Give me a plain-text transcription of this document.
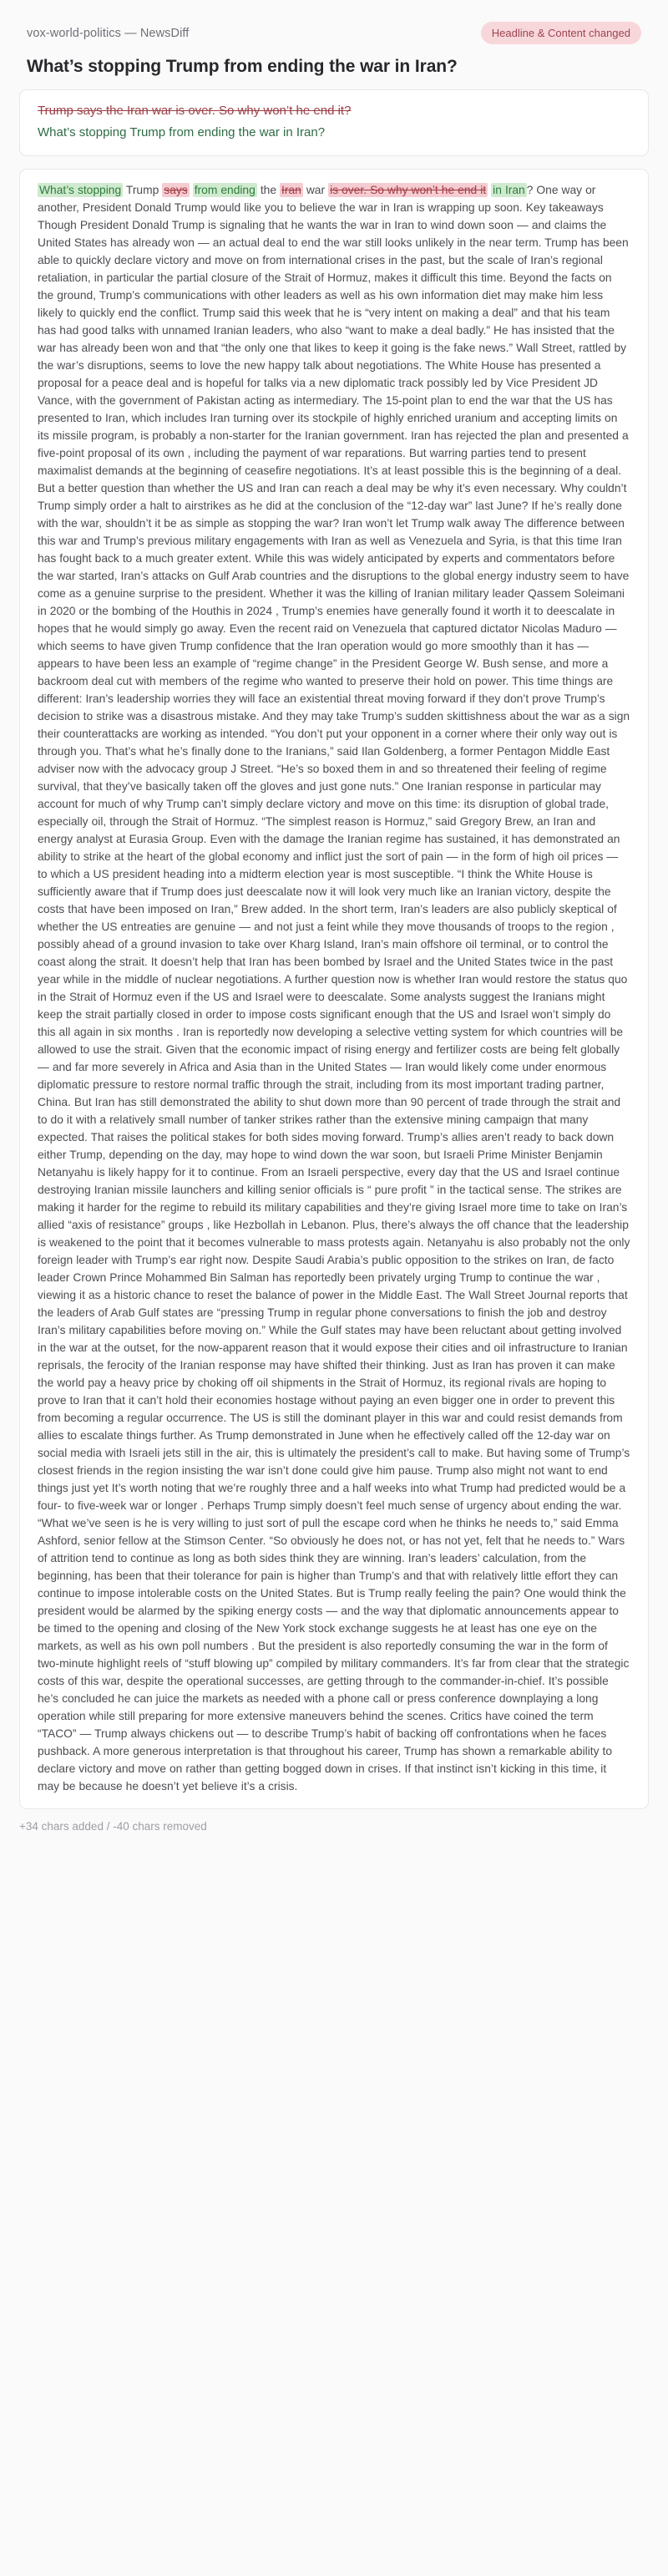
vox-world-politics — NewsDiff	Headline & Content changed
What’s stopping Trump from ending the war in Iran?
Trump says the Iran war is over. So why won’t he end it?
What’s stopping Trump from ending the war in Iran?
What’s stopping Trump says from ending the Iran war is over. So why won’t he end it in Iran ? One way or another, President Donald Trump would like you to believe the war in Iran is wrapping up soon. Key takeaways Though President Donald Trump is signaling that he wants the war in Iran to wind down soon — and claims the United States has already won — an actual deal to end the war still looks unlikely in the near term. Trump has been able to quickly declare victory and move on from international crises in the past, but the scale of Iran’s regional retaliation, in particular the partial closure of the Strait of Hormuz, makes it difficult this time. Beyond the facts on the ground, Trump’s communications with other leaders as well as his own information diet may make him less likely to quickly end the conflict. Trump said this week that he is “very intent on making a deal” and that his team has had good talks with unnamed Iranian leaders, who also “want to make a deal badly.” He has insisted that the war has already been won and that “the only one that likes to keep it going is the fake news.” Wall Street, rattled by the war’s disruptions, seems to love the new happy talk about negotiations. The White House has presented a proposal for a peace deal and is hopeful for talks via a new diplomatic track possibly led by Vice President JD Vance, with the government of Pakistan acting as intermediary. The 15-point plan to end the war that the US has presented to Iran, which includes Iran turning over its stockpile of highly enriched uranium and accepting limits on its missile program, is probably a non-starter for the Iranian government. Iran has rejected the plan and presented a five-point proposal of its own , including the payment of war reparations. But warring parties tend to present maximalist demands at the beginning of ceasefire negotiations. It’s at least possible this is the beginning of a deal. But a better question than whether the US and Iran can reach a deal may be why it’s even necessary. Why couldn’t Trump simply order a halt to airstrikes as he did at the conclusion of the “12-day war” last June? If he’s really done with the war, shouldn’t it be as simple as stopping the war? Iran won’t let Trump walk away The difference between this war and Trump’s previous military engagements with Iran as well as Venezuela and Syria, is that this time Iran has fought back to a much greater extent. While this was widely anticipated by experts and commentators before the war started, Iran’s attacks on Gulf Arab countries and the disruptions to the global energy industry seem to have come as a genuine surprise to the president. Whether it was the killing of Iranian military leader Qassem Soleimani in 2020 or the bombing of the Houthis in 2024 , Trump’s enemies have generally found it worth it to deescalate in hopes that he would simply go away. Even the recent raid on Venezuela that captured dictator Nicolas Maduro — which seems to have given Trump confidence that the Iran operation would go more smoothly than it has — appears to have been less an example of “regime change” in the President George W. Bush sense, and more a backroom deal cut with members of the regime who wanted to preserve their hold on power. This time things are different: Iran’s leadership worries they will face an existential threat moving forward if they don’t prove Trump’s decision to strike was a disastrous mistake. And they may take Trump’s sudden skittishness about the war as a sign their counterattacks are working as intended. “You don’t put your opponent in a corner where their only way out is through you. That’s what he’s finally done to the Iranians,” said Ilan Goldenberg, a former Pentagon Middle East adviser now with the advocacy group J Street. “He’s so boxed them in and so threatened their feeling of regime survival, that they’ve basically taken off the gloves and just gone nuts.” One Iranian response in particular may account for much of why Trump can’t simply declare victory and move on this time: its disruption of global trade, especially oil, through the Strait of Hormuz. “The simplest reason is Hormuz,” said Gregory Brew, an Iran and energy analyst at Eurasia Group. Even with the damage the Iranian regime has sustained, it has demonstrated an ability to strike at the heart of the global economy and inflict just the sort of pain — in the form of high oil prices — to which a US president heading into a midterm election year is most susceptible. “I think the White House is sufficiently aware that if Trump does just deescalate now it will look very much like an Iranian victory, despite the costs that have been imposed on Iran,” Brew added. In the short term, Iran’s leaders are also publicly skeptical of whether the US entreaties are genuine — and not just a feint while they move thousands of troops to the region , possibly ahead of a ground invasion to take over Kharg Island, Iran’s main offshore oil terminal, or to control the coast along the strait. It doesn’t help that Iran has been bombed by Israel and the United States twice in the past year while in the middle of nuclear negotiations. A further question now is whether Iran would restore the status quo in the Strait of Hormuz even if the US and Israel were to deescalate. Some analysts suggest the Iranians might keep the strait partially closed in order to impose costs significant enough that the US and Israel won’t simply do this all again in six months . Iran is reportedly now developing a selective vetting system for which countries will be allowed to use the strait. Given that the economic impact of rising energy and fertilizer costs are being felt globally — and far more severely in Africa and Asia than in the United States — Iran would likely come under enormous diplomatic pressure to restore normal traffic through the strait, including from its most important trading partner, China. But Iran has still demonstrated the ability to shut down more than 90 percent of trade through the strait and to do it with a relatively small number of tanker strikes rather than the extensive mining campaign that many expected. That raises the political stakes for both sides moving forward. Trump’s allies aren’t ready to back down either Trump, depending on the day, may hope to wind down the war soon, but Israeli Prime Minister Benjamin Netanyahu is likely happy for it to continue. From an Israeli perspective, every day that the US and Israel continue destroying Iranian missile launchers and killing senior officials is “ pure profit ” in the tactical sense. The strikes are making it harder for the regime to rebuild its military capabilities and they’re giving Israel more time to take on Iran’s allied “axis of resistance” groups , like Hezbollah in Lebanon. Plus, there’s always the off chance that the leadership is weakened to the point that it becomes vulnerable to mass protests again. Netanyahu is also probably not the only foreign leader with Trump’s ear right now. Despite Saudi Arabia’s public opposition to the strikes on Iran, de facto leader Crown Prince Mohammed Bin Salman has reportedly been privately urging Trump to continue the war , viewing it as a historic chance to reset the balance of power in the Middle East. The Wall Street Journal reports that the leaders of Arab Gulf states are “pressing Trump in regular phone conversations to finish the job and destroy Iran’s military capabilities before moving on.” While the Gulf states may have been reluctant about getting involved in the war at the outset, for the now-apparent reason that it would expose their cities and oil infrastructure to Iranian reprisals, the ferocity of the Iranian response may have shifted their thinking. Just as Iran has proven it can make the world pay a heavy price by choking off oil shipments in the Strait of Hormuz, its regional rivals are hoping to prove to Iran that it can’t hold their economies hostage without paying an even bigger one in order to prevent this from becoming a regular occurrence. The US is still the dominant player in this war and could resist demands from allies to escalate things further. As Trump demonstrated in June when he effectively called off the 12-day war on social media with Israeli jets still in the air, this is ultimately the president’s call to make. But having some of Trump’s closest friends in the region insisting the war isn’t done could give him pause. Trump also might not want to end things just yet It’s worth noting that we’re roughly three and a half weeks into what Trump had predicted would be a four- to five-week war or longer . Perhaps Trump simply doesn’t feel much sense of urgency about ending the war. “What we’ve seen is he is very willing to just sort of pull the escape cord when he thinks he needs to,” said Emma Ashford, senior fellow at the Stimson Center. “So obviously he does not, or has not yet, felt that he needs to.” Wars of attrition tend to continue as long as both sides think they are winning. Iran’s leaders’ calculation, from the beginning, has been that their tolerance for pain is higher than Trump’s and that with relatively little effort they can continue to impose intolerable costs on the United States. But is Trump really feeling the pain? One would think the president would be alarmed by the spiking energy costs — and the way that diplomatic announcements appear to be timed to the opening and closing of the New York stock exchange suggests he at least has one eye on the markets, as well as his own poll numbers . But the president is also reportedly consuming the war in the form of two-minute highlight reels of “stuff blowing up” compiled by military commanders. It’s far from clear that the strategic costs of this war, despite the operational successes, are getting through to the commander-in-chief. It’s possible he’s concluded he can juice the markets as needed with a phone call or press conference downplaying a long operation while still preparing for more extensive maneuvers behind the scenes. Critics have coined the term “TACO” — Trump always chickens out — to describe Trump’s habit of backing off confrontations when he faces pushback. A more generous interpretation is that throughout his career, Trump has shown a remarkable ability to declare victory and move on rather than getting bogged down in crises. If that instinct isn’t kicking in this time, it may be because he doesn’t yet believe it’s a crisis.
+34 chars added / -40 chars removed
